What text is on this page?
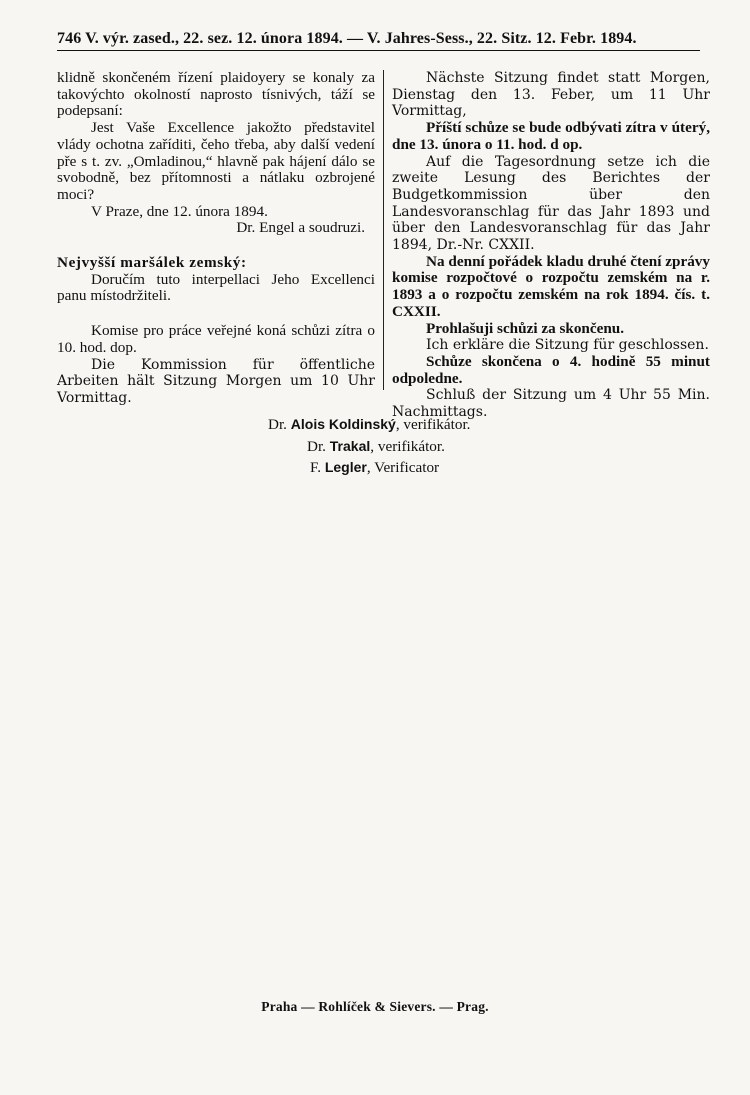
746 V. výr. zased., 22. sez. 12. února 1894. — V. Jahres-Sess., 22. Sitz. 12. Febr. 1894.

klidně skončeném řízení plaidoyery se konaly za takovýchto okolností naprosto tísnivých, táží se podepsaní:

Jest Vaše Excellence jakožto představitel vlády ochotna zaříditi, čeho třeba, aby další vedení pře s t. zv. „Omladinou,“ hlavně pak hájení dálo se svobodně, bez přítomnosti a nátlaku ozbrojené moci?

V Praze, dne 12. února 1894.

Dr. Engel a soudruzi.

Nejvyšší maršálek zemský:

Doručím tuto interpellaci Jeho Excellenci panu místodržiteli.

Komise pro práce veřejné koná schůzi zítra o 10. hod. dop.

Die Kommission für öffentliche Arbeiten hält Sitzung Morgen um 10 Uhr Vormittag.

Nächste Sitzung findet statt Morgen, Dienstag den 13. Feber, um 11 Uhr Vormittag,

Příští schůze se bude odbývati zítra v úterý, dne 13. února o 11. hod. d op.

Auf die Tagesordnung setze ich die zweite Lesung des Berichtes der Budgetkommission über den Landesvoranschlag für das Jahr 1893 und über den Landesvoranschlag für das Jahr 1894, Dr.-Nr. CXXII.

Na denní pořádek kladu druhé čtení zprávy komise rozpočtové o rozpočtu zemském na r. 1893 a o rozpočtu zemském na rok 1894. čís. t. CXXII.

Prohlašuji schůzi za skončenu.

Ich erkläre die Sitzung für geschlossen.

Schůze skončena o 4. hodině 55 minut odpoledne.

Schluß der Sitzung um 4 Uhr 55 Min. Nachmittags.

Dr. Alois Koldinský, verifikátor.
Dr. Trakal, verifikátor.
F. Legler, Verificator
Praha — Rohlíček & Sievers. — Prag.
